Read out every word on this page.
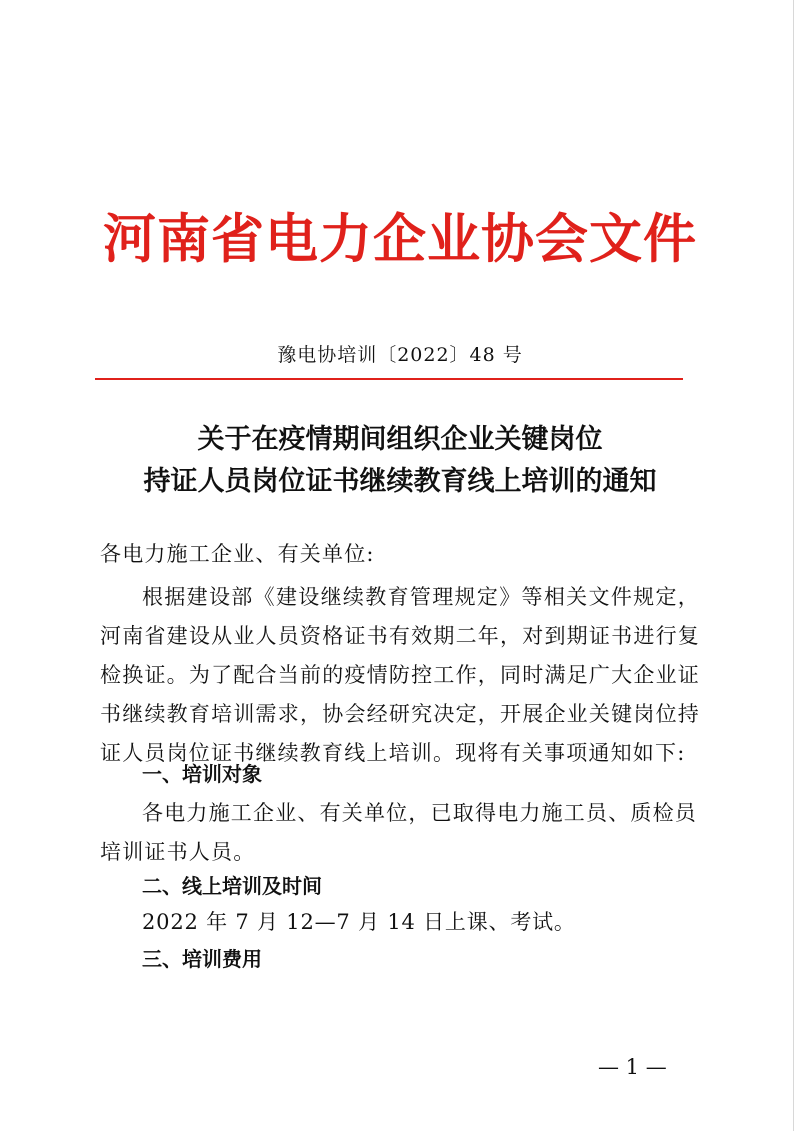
河南省电力企业协会文件
豫电协培训〔2022〕48 号
关于在疫情期间组织企业关键岗位
持证人员岗位证书继续教育线上培训的通知
各电力施工企业、有关单位:
根据建设部《建设继续教育管理规定》等相关文件规定，河南省建设从业人员资格证书有效期二年，对到期证书进行复检换证。为了配合当前的疫情防控工作，同时满足广大企业证书继续教育培训需求，协会经研究决定，开展企业关键岗位持证人员岗位证书继续教育线上培训。现将有关事项通知如下:
一、培训对象
各电力施工企业、有关单位，已取得电力施工员、质检员培训证书人员。
二、线上培训及时间
2022 年 7 月 12—7 月 14 日上课、考试。
三、培训费用
— 1 —
